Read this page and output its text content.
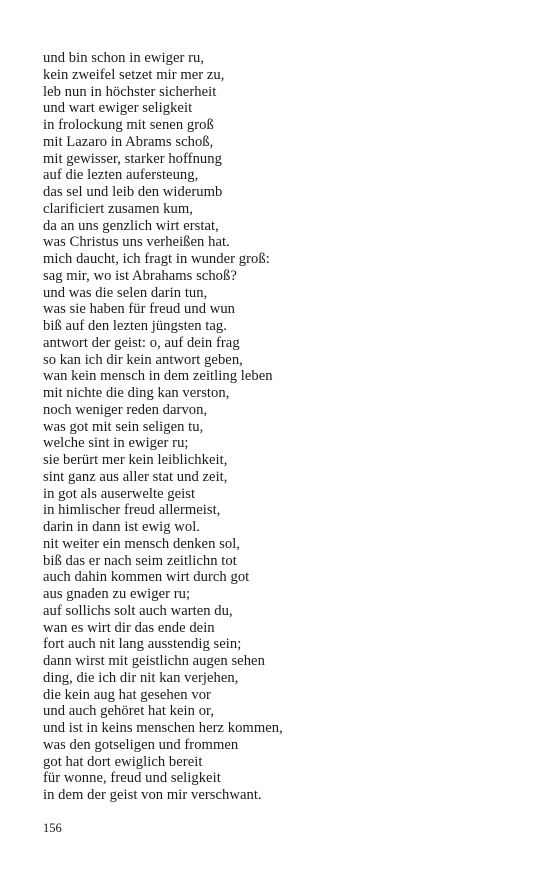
und bin schon in ewiger ru,
kein zweifel setzet mir mer zu,
leb nun in höchster sicherheit
und wart ewiger seligkeit
in frolockung mit senen groß
mit Lazaro in Abrams schoß,
mit gewisser, starker hoffnung
auf die lezten auferstеung,
das sel und leib den widerumb
clarificiert zusamen kum,
da an uns genzlich wirt erstat,
was Christus uns verheißen hat.
mich daucht, ich fragt in wunder groß:
sag mir, wo ist Abrahams schoß?
und was die selen darin tun,
was sie haben für freud und wun
biß auf den lezten jüngsten tag.
antwort der geist: o, auf dein frag
so kan ich dir kein antwort geben,
wan kein mensch in dem zeitling leben
mit nichte die ding kan verston,
noch weniger reden darvon,
was got mit sein seligen tu,
welche sint in ewiger ru;
sie berürt mer kein leiblichkeit,
sint ganz aus aller stat und zeit,
in got als auserwelte geist
in himlischer freud allermeist,
darin in dann ist ewig wol.
nit weiter ein mensch denken sol,
biß das er nach seim zeitlichn tot
auch dahin kommen wirt durch got
aus gnaden zu ewiger ru;
auf sollichs solt auch warten du,
wan es wirt dir das ende dein
fort auch nit lang ausstendig sein;
dann wirst mit geistlichn augen sehen
ding, die ich dir nit kan verjehen,
die kein aug hat gesehen vor
und auch gehöret hat kein or,
und ist in keins menschen herz kommen,
was den gotseligen und frommen
got hat dort ewiglich bereit
für wonne, freud und seligkeit
in dem der geist von mir verschwant.
156
